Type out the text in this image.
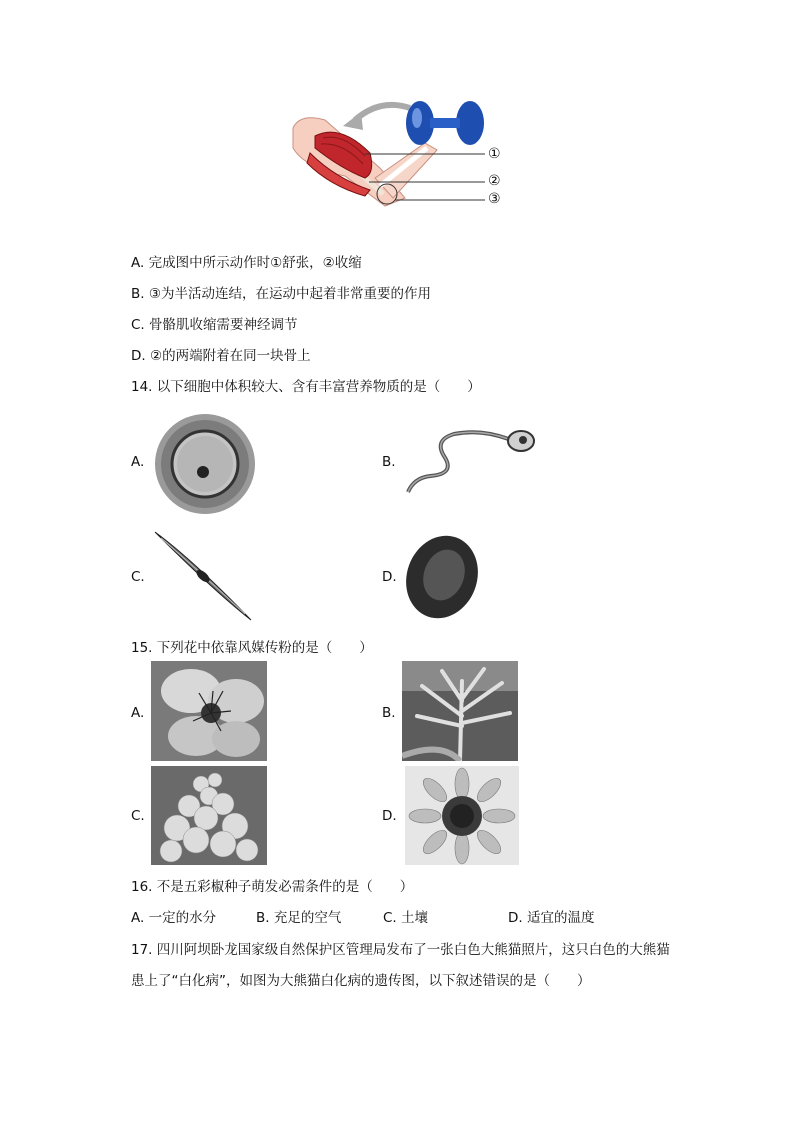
①
②
③
A. 完成图中所示动作时①舒张，②收缩
B. ③为半活动连结，在运动中起着非常重要的作用
C. 骨骼肌收缩需要神经调节
D. ②的两端附着在同一块骨上
14. 以下细胞中体积较大、含有丰富营养物质的是（　　）
A.	B.
C.	D.
15. 下列花中依靠风媒传粉的是（　　）
A.	B.
C.	D.
16. 不是五彩椒种子萌发必需条件的是（　　）
A. 一定的水分	B. 充足的空气	C. 土壤	D. 适宜的温度
17. 四川阿坝卧龙国家级自然保护区管理局发布了一张白色大熊猫照片，这只白色的大熊猫
患上了“白化病”，如图为大熊猫白化病的遗传图，以下叙述错误的是（　　）
